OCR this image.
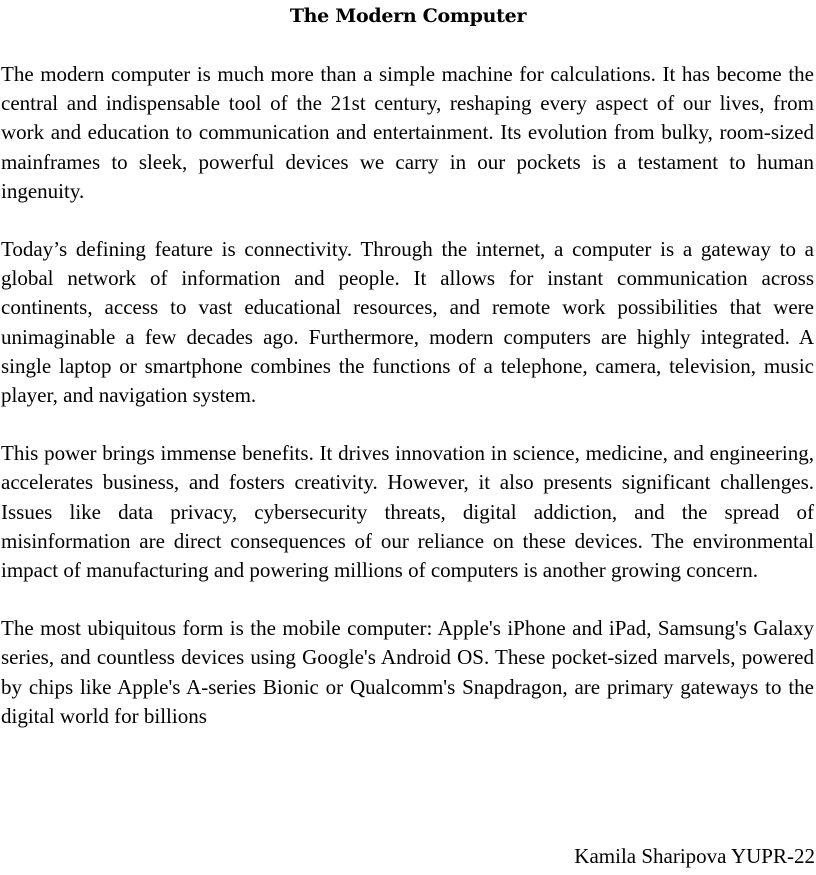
The Modern Computer

The modern computer is much more than a simple machine for calculations. It has become the central and indispensable tool of the 21st century, reshaping every aspect of our lives, from work and education to communication and entertainment. Its evolution from bulky, room-sized mainframes to sleek, powerful devices we carry in our pockets is a testament to human ingenuity.

Today’s defining feature is connectivity. Through the internet, a computer is a gateway to a global network of information and people. It allows for instant communication across continents, access to vast educational resources, and remote work possibilities that were unimaginable a few decades ago. Furthermore, modern computers are highly integrated. A single laptop or smartphone combines the functions of a telephone, camera, television, music player, and navigation system.

This power brings immense benefits. It drives innovation in science, medicine, and engineering, accelerates business, and fosters creativity. However, it also presents significant challenges. Issues like data privacy, cybersecurity threats, digital addiction, and the spread of misinformation are direct consequences of our reliance on these devices. The environmental impact of manufacturing and powering millions of computers is another growing concern.

The most ubiquitous form is the mobile computer: Apple's iPhone and iPad, Samsung's Galaxy series, and countless devices using Google's Android OS. These pocket-sized marvels, powered by chips like Apple's A-series Bionic or Qualcomm's Snapdragon, are primary gateways to the digital world for billions

Kamila Sharipova YUPR-22
